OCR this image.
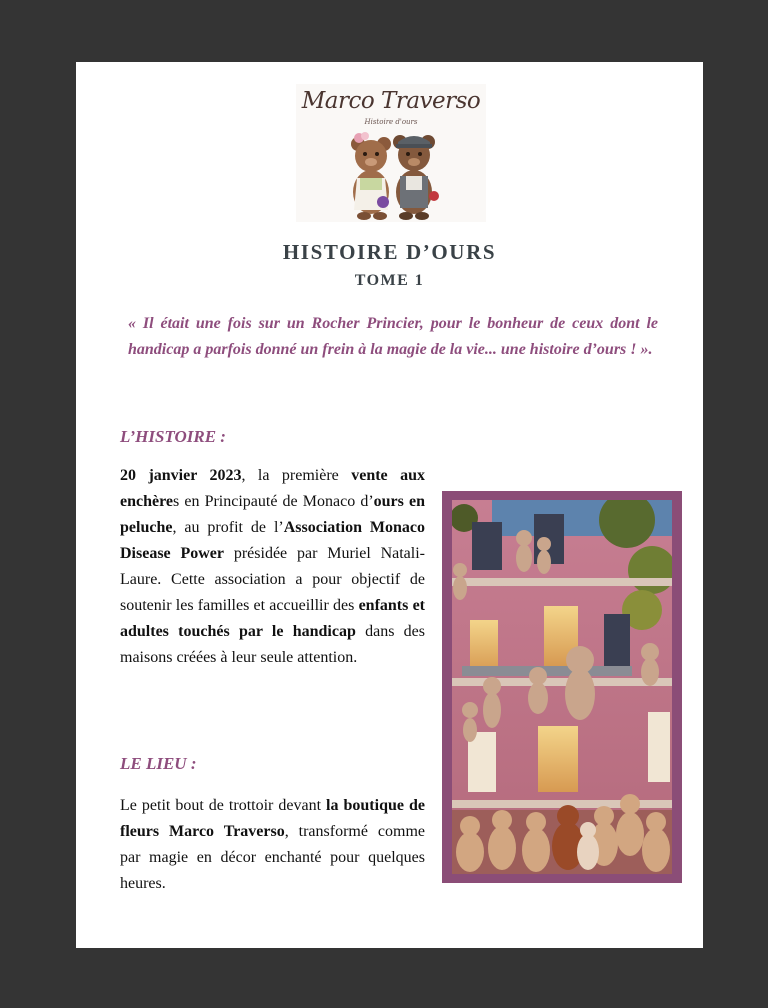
Marco Traverso
Histoire d'ours
HISTOIRE D’OURS
TOME 1

« Il était une fois sur un Rocher Princier, pour le bonheur de ceux dont le handicap a parfois donné un frein à la magie de la vie... une histoire d’ours ! ».

L’HISTOIRE :

20 janvier 2023, la première vente aux enchères en Principauté de Monaco d’ours en peluche, au profit de l’Association Monaco Disease Power présidée par Muriel Natali-Laure. Cette association a pour objectif de soutenir les familles et accueillir des enfants et adultes touchés par le handicap dans des maisons créées à leur seule attention.

LE LIEU :

Le petit bout de trottoir devant la boutique de fleurs Marco Traverso, transformé comme par magie en décor enchanté pour quelques heures.
